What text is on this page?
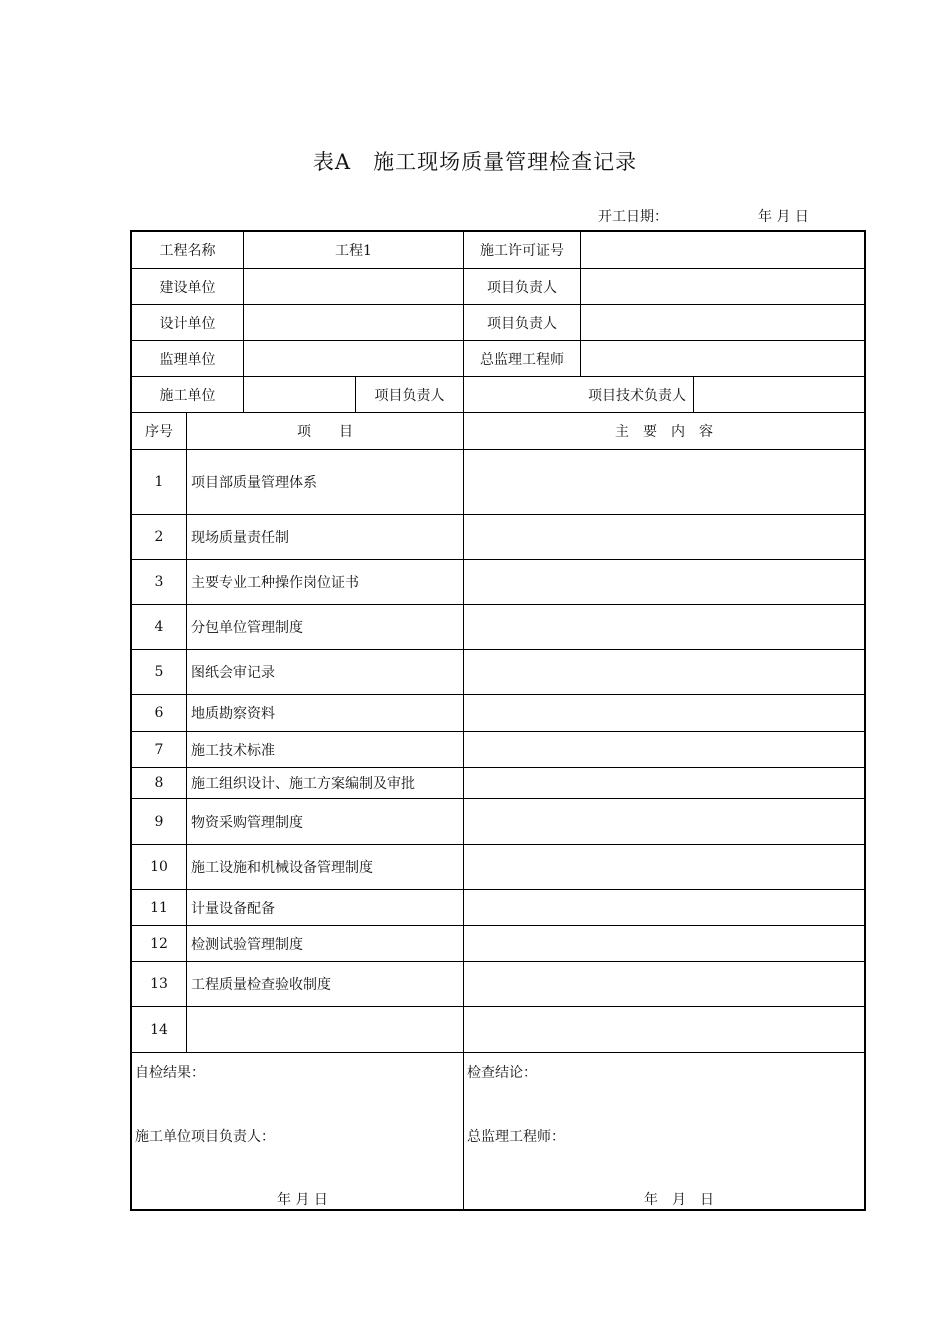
表A　施工现场质量管理检查记录
开工日期：	年 月 日
工程名称	工程1	施工许可证号
建设单位	项目负责人
设计单位	项目负责人
监理单位	总监理工程师
施工单位	项目负责人	项目技术负责人
序号	项　　目	主　要　内　容
1	项目部质量管理体系
2	现场质量责任制
3	主要专业工种操作岗位证书
4	分包单位管理制度
5	图纸会审记录
6	地质勘察资料
7	施工技术标准
8	施工组织设计、施工方案编制及审批
9	物资采购管理制度
10	施工设施和机械设备管理制度
11	计量设备配备
12	检测试验管理制度
13	工程质量检查验收制度
14
自检结果：	检查结论：
施工单位项目负责人：	总监理工程师：
年 月 日	年　月　日
